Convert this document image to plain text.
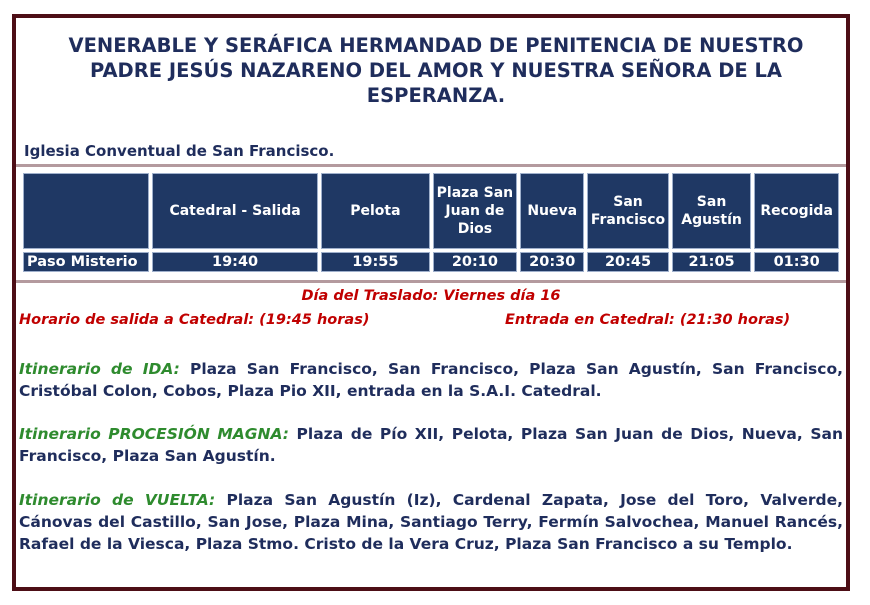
VENERABLE Y SERÁFICA HERMANDAD DE PENITENCIA DE NUESTRO PADRE JESÚS NAZARENO DEL AMOR Y NUESTRA SEÑORA DE LA ESPERANZA.
Iglesia Conventual de San Francisco.
	Catedral - Salida	Pelota	Plaza San Juan de Dios	Nueva	San Francisco	San Agustín	Recogida
Paso Misterio	19:40	19:55	20:10	20:30	20:45	21:05	01:30
Día del Traslado: Viernes día 16
Horario de salida a Catedral: (19:45 horas)	Entrada en Catedral: (21:30 horas)
Itinerario de IDA: Plaza San Francisco, San Francisco, Plaza San Agustín, San Francisco, Cristóbal Colon, Cobos, Plaza Pio XII, entrada en la S.A.I. Catedral.
Itinerario PROCESIÓN MAGNA: Plaza de Pío XII, Pelota, Plaza San Juan de Dios, Nueva, San Francisco, Plaza San Agustín.
Itinerario de VUELTA: Plaza San Agustín (Iz), Cardenal Zapata, Jose del Toro, Valverde, Cánovas del Castillo, San Jose, Plaza Mina, Santiago Terry, Fermín Salvochea, Manuel Rancés, Rafael de la Viesca, Plaza Stmo. Cristo de la Vera Cruz, Plaza San Francisco a su Templo.
